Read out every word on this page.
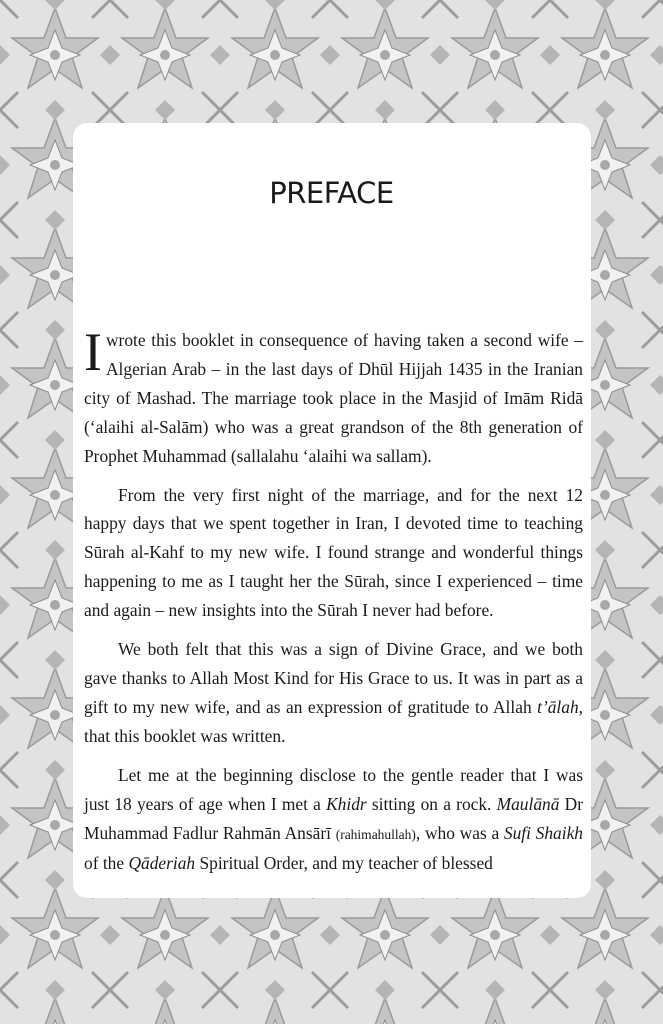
PREFACE

Iwrote this booklet in consequence of having taken a second wife – Algerian Arab – in the last days of Dhūl Hijjah 1435 in the Iranian city of Mashad. The marriage took place in the Masjid of Imām Ridā (‘alaihi al-Salām) who was a great grandson of the 8th generation of Prophet Muhammad (sallalahu ‘alaihi wa sallam).

From the very first night of the marriage, and for the next 12 happy days that we spent together in Iran, I devoted time to teaching Sūrah al-Kahf to my new wife. I found strange and wonderful things happening to me as I taught her the Sūrah, since I experienced – time and again – new insights into the Sūrah I never had before.

We both felt that this was a sign of Divine Grace, and we both gave thanks to Allah Most Kind for His Grace to us. It was in part as a gift to my new wife, and as an expression of gratitude to Allah t’ālah, that this booklet was written.

Let me at the beginning disclose to the gentle reader that I was just 18 years of age when I met a Khidr sitting on a rock. Maulānā Dr Muhammad Fadlur Rahmān Ansārī (rahimahullah), who was a Sufi Shaikh of the Qāderiah Spiritual Order, and my teacher of blessed
